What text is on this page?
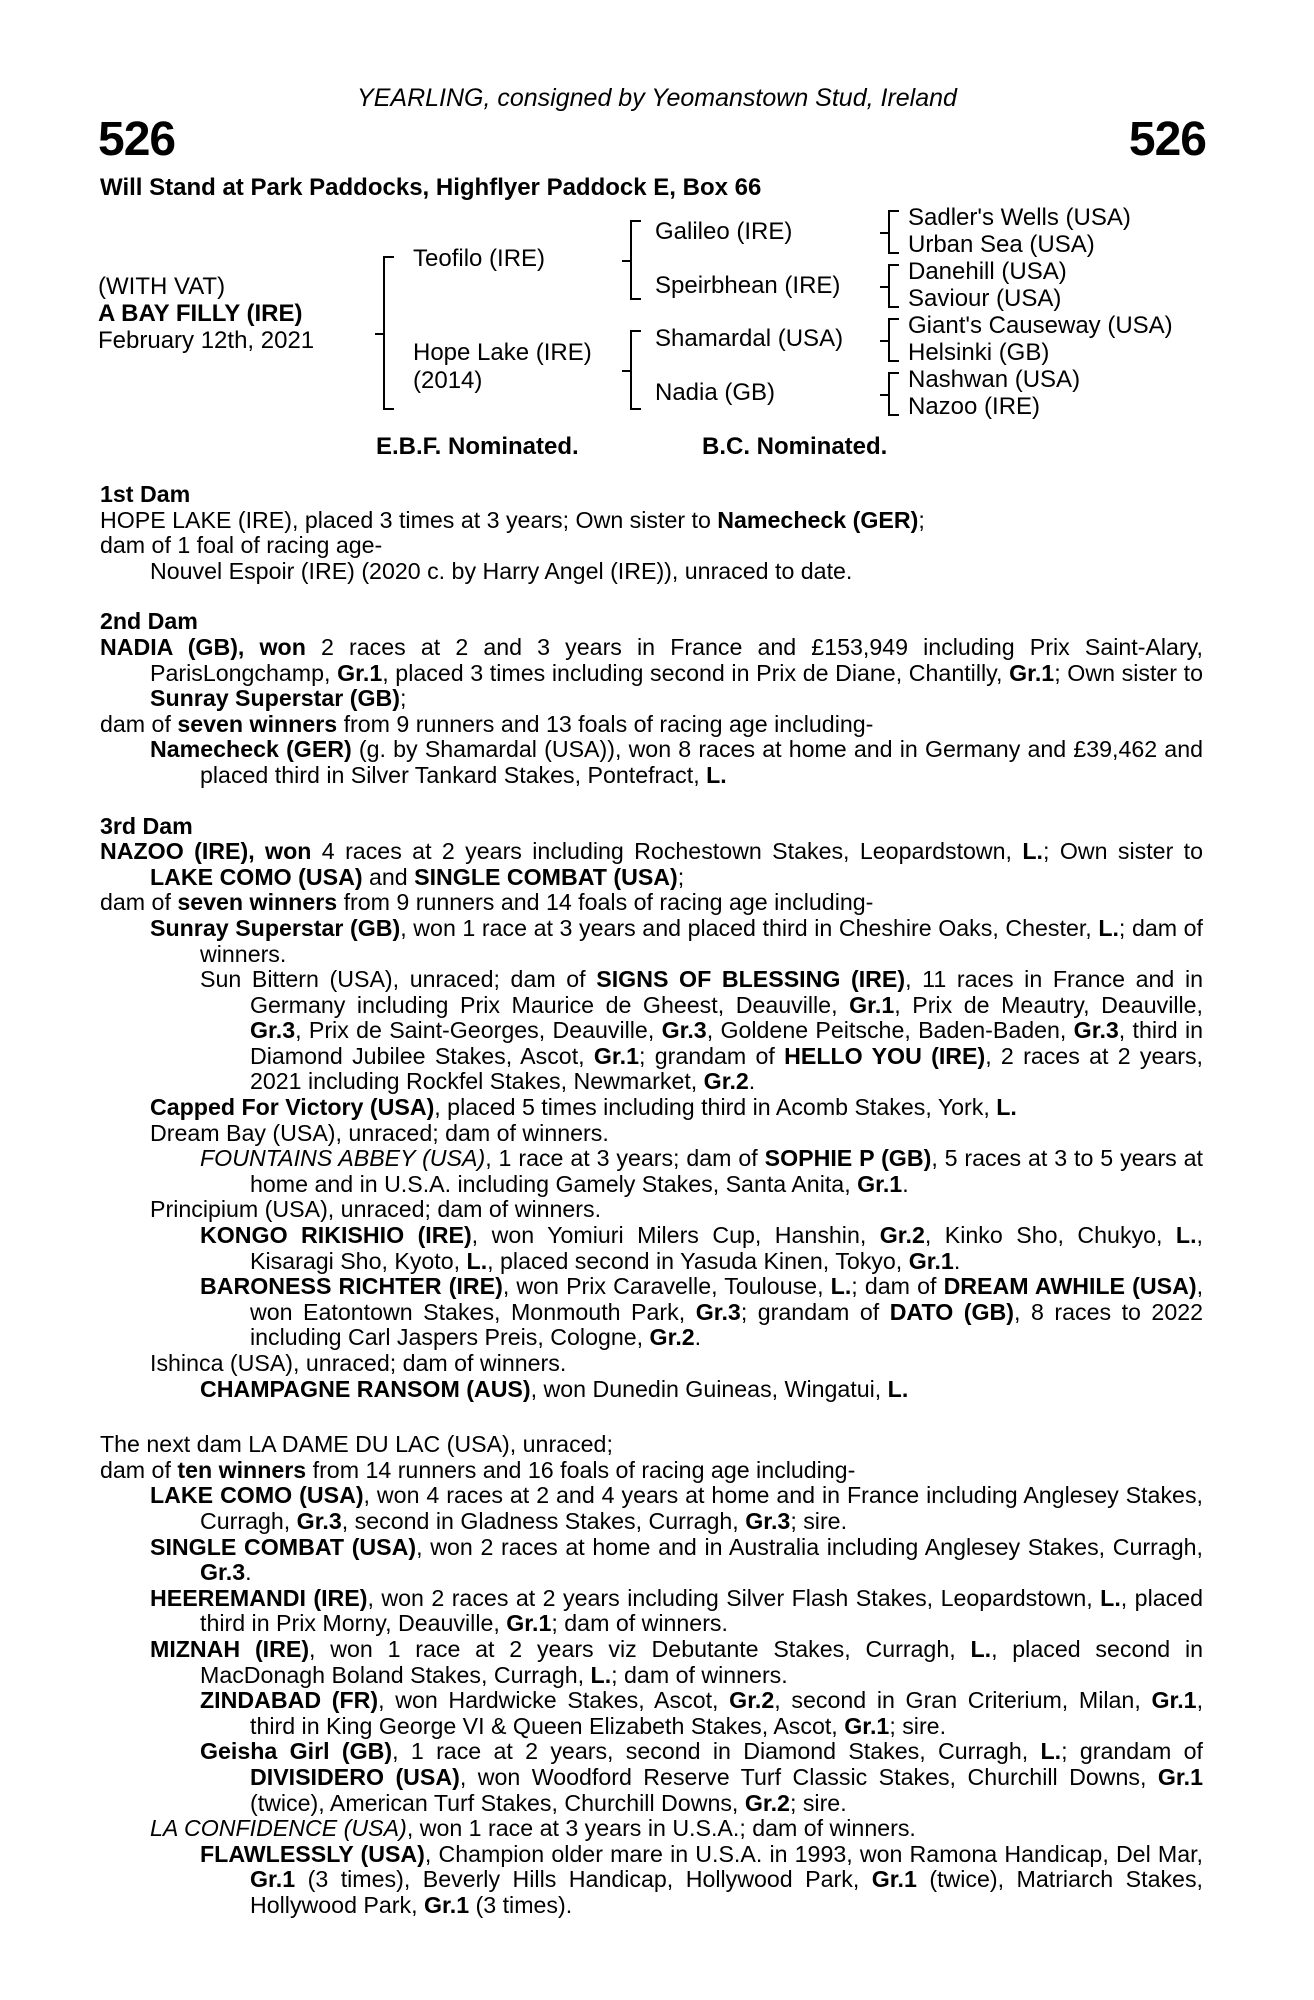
YEARLING, consigned by Yeomanstown Stud, Ireland
526	526
Will Stand at Park Paddocks, Highflyer Paddock E, Box 66
(WITH VAT)
A BAY FILLY (IRE)
February 12th, 2021
Teofilo (IRE)
Hope Lake (IRE)
(2014)
Galileo (IRE)
Speirbhean (IRE)
Shamardal (USA)
Nadia (GB)
Sadler's Wells (USA)
Urban Sea (USA)
Danehill (USA)
Saviour (USA)
Giant's Causeway (USA)
Helsinki (GB)
Nashwan (USA)
Nazoo (IRE)
E.B.F. Nominated.	B.C. Nominated.
1st Dam
HOPE LAKE (IRE), placed 3 times at 3 years; Own sister to Namecheck (GER);
dam of 1 foal of racing age-
Nouvel Espoir (IRE) (2020 c. by Harry Angel (IRE)), unraced to date.
2nd Dam
NADIA (GB), won 2 races at 2 and 3 years in France and £153,949 including Prix Saint-Alary, ParisLongchamp, Gr.1, placed 3 times including second in Prix de Diane, Chantilly, Gr.1; Own sister to Sunray Superstar (GB);
dam of seven winners from 9 runners and 13 foals of racing age including-
Namecheck (GER) (g. by Shamardal (USA)), won 8 races at home and in Germany and £39,462 and placed third in Silver Tankard Stakes, Pontefract, L.
3rd Dam
NAZOO (IRE), won 4 races at 2 years including Rochestown Stakes, Leopardstown, L.; Own sister to LAKE COMO (USA) and SINGLE COMBAT (USA);
dam of seven winners from 9 runners and 14 foals of racing age including-
Sunray Superstar (GB), won 1 race at 3 years and placed third in Cheshire Oaks, Chester, L.; dam of winners.
Sun Bittern (USA), unraced; dam of SIGNS OF BLESSING (IRE), 11 races in France and in Germany including Prix Maurice de Gheest, Deauville, Gr.1, Prix de Meautry, Deauville, Gr.3, Prix de Saint-Georges, Deauville, Gr.3, Goldene Peitsche, Baden-Baden, Gr.3, third in Diamond Jubilee Stakes, Ascot, Gr.1; grandam of HELLO YOU (IRE), 2 races at 2 years, 2021 including Rockfel Stakes, Newmarket, Gr.2.
Capped For Victory (USA), placed 5 times including third in Acomb Stakes, York, L.
Dream Bay (USA), unraced; dam of winners.
FOUNTAINS ABBEY (USA), 1 race at 3 years; dam of SOPHIE P (GB), 5 races at 3 to 5 years at home and in U.S.A. including Gamely Stakes, Santa Anita, Gr.1.
Principium (USA), unraced; dam of winners.
KONGO RIKISHIO (IRE), won Yomiuri Milers Cup, Hanshin, Gr.2, Kinko Sho, Chukyo, L., Kisaragi Sho, Kyoto, L., placed second in Yasuda Kinen, Tokyo, Gr.1.
BARONESS RICHTER (IRE), won Prix Caravelle, Toulouse, L.; dam of DREAM AWHILE (USA), won Eatontown Stakes, Monmouth Park, Gr.3; grandam of DATO (GB), 8 races to 2022 including Carl Jaspers Preis, Cologne, Gr.2.
Ishinca (USA), unraced; dam of winners.
CHAMPAGNE RANSOM (AUS), won Dunedin Guineas, Wingatui, L.
The next dam LA DAME DU LAC (USA), unraced;
dam of ten winners from 14 runners and 16 foals of racing age including-
LAKE COMO (USA), won 4 races at 2 and 4 years at home and in France including Anglesey Stakes, Curragh, Gr.3, second in Gladness Stakes, Curragh, Gr.3; sire.
SINGLE COMBAT (USA), won 2 races at home and in Australia including Anglesey Stakes, Curragh, Gr.3.
HEEREMANDI (IRE), won 2 races at 2 years including Silver Flash Stakes, Leopardstown, L., placed third in Prix Morny, Deauville, Gr.1; dam of winners.
MIZNAH (IRE), won 1 race at 2 years viz Debutante Stakes, Curragh, L., placed second in MacDonagh Boland Stakes, Curragh, L.; dam of winners.
ZINDABAD (FR), won Hardwicke Stakes, Ascot, Gr.2, second in Gran Criterium, Milan, Gr.1, third in King George VI & Queen Elizabeth Stakes, Ascot, Gr.1; sire.
Geisha Girl (GB), 1 race at 2 years, second in Diamond Stakes, Curragh, L.; grandam of DIVISIDERO (USA), won Woodford Reserve Turf Classic Stakes, Churchill Downs, Gr.1 (twice), American Turf Stakes, Churchill Downs, Gr.2; sire.
LA CONFIDENCE (USA), won 1 race at 3 years in U.S.A.; dam of winners.
FLAWLESSLY (USA), Champion older mare in U.S.A. in 1993, won Ramona Handicap, Del Mar, Gr.1 (3 times), Beverly Hills Handicap, Hollywood Park, Gr.1 (twice), Matriarch Stakes, Hollywood Park, Gr.1 (3 times).
